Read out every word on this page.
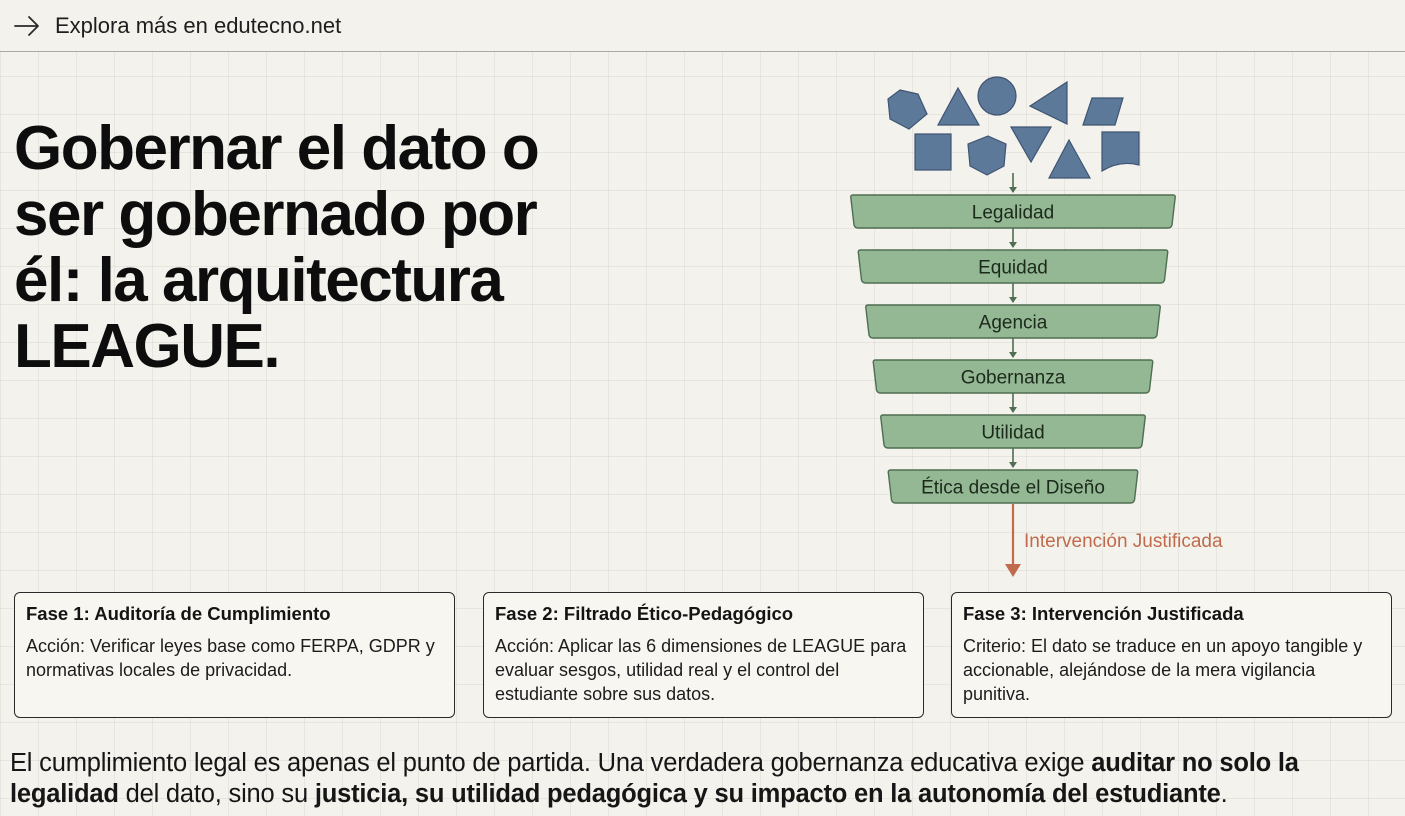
Explora más en edutecno.net
Gobernar el dato o ser gobernado por él: la arquitectura LEAGUE.
Legalidad
Equidad
Agencia
Gobernanza
Utilidad
Ética desde el Diseño
Intervención Justificada
Fase 1: Auditoría de Cumplimiento

Acción: Verificar leyes base como FERPA, GDPR y normativas locales de privacidad.

Fase 2: Filtrado Ético-Pedagógico

Acción: Aplicar las 6 dimensiones de LEAGUE para evaluar sesgos, utilidad real y el control del estudiante sobre sus datos.

Fase 3: Intervención Justificada

Criterio: El dato se traduce en un apoyo tangible y accionable, alejándose de la mera vigilancia punitiva.

El cumplimiento legal es apenas el punto de partida. Una verdadera gobernanza educativa exige auditar no solo la legalidad del dato, sino su justicia, su utilidad pedagógica y su impacto en la autonomía del estudiante.
